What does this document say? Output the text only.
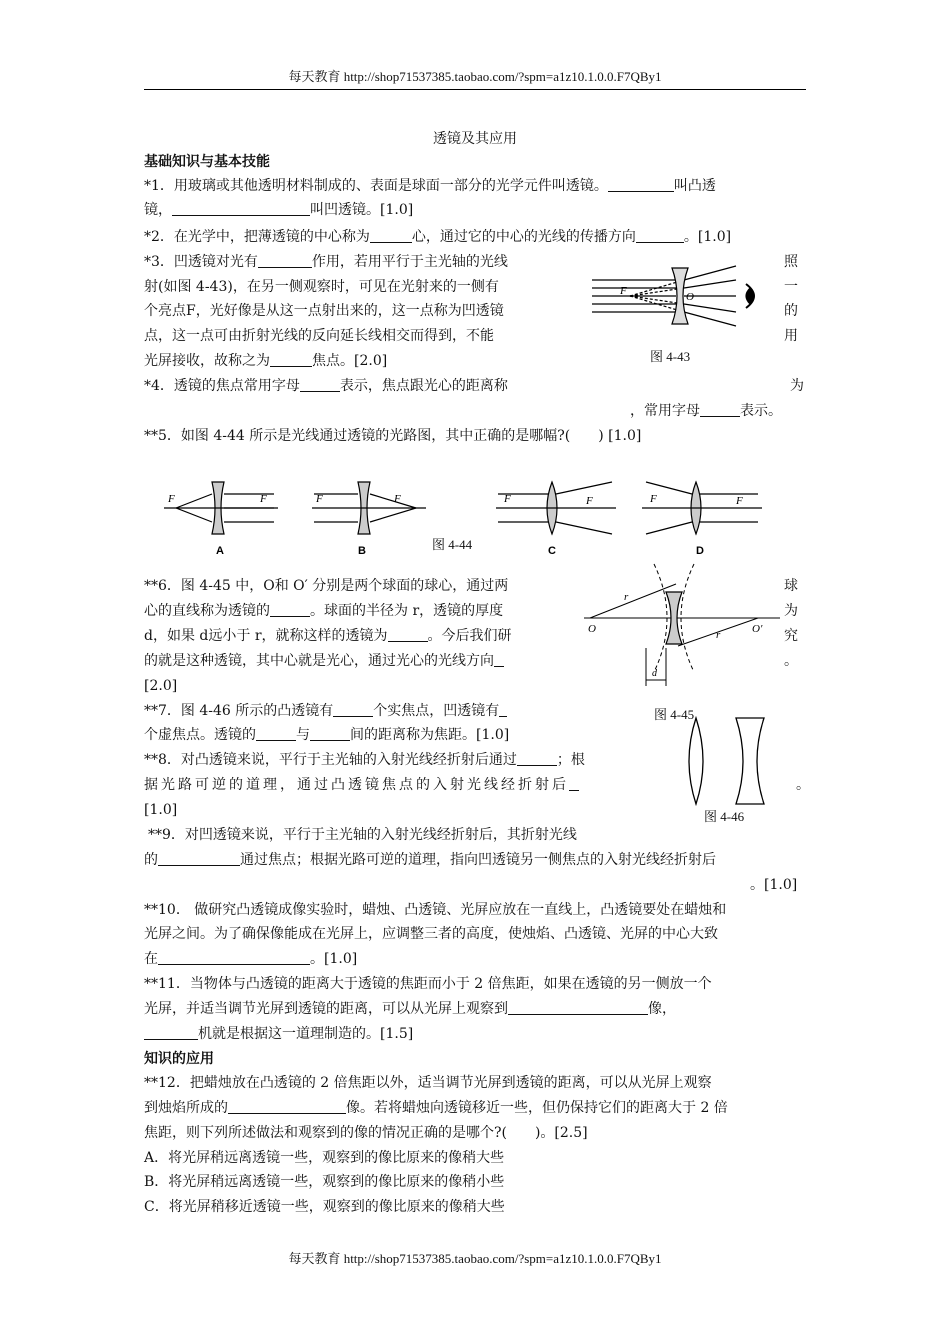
每天教育 http://shop71537385.taobao.com/?spm=a1z10.1.0.0.F7QBy1
透镜及其应用
基础知识与基本技能
*1．用玻璃或其他透明材料制成的、表面是球面一部分的光学元件叫透镜。	叫凸透
镜，	叫凹透镜。[1.0]
*2．在光学中，把薄透镜的中心称为	心，通过它的中心的光线的传播方向	。[1.0]
*3．凹透镜对光有	作用，若用平行于主光轴的光线	照
射(如图 4-43)，在另一侧观察时，可见在光射来的一侧有	一
个亮点F，光好像是从这一点射出来的，这一点称为凹透镜	的
点，这一点可由折射光线的反向延长线相交而得到，不能	用
光屏接收，故称之为	焦点。[2.0]
F	O
图 4-43
*4．透镜的焦点常用字母	表示，焦点跟光心的距离称	为
，常用字母	表示。
**5．如图 4-44 所示是光线通过透镜的光路图，其中正确的是哪幅?(　　) [1.0]
F	F
A
F	F
B
F	F
C
F	F
D
图 4-44
**6．图 4-45 中，O和 O′ 分别是两个球面的球心，通过两	球
心的直线称为透镜的	。球面的半径为 r，透镜的厚度	为
d，如果 d远小于 r，就称这样的透镜为	。今后我们研	究
的就是这种透镜，其中心就是光心，通过光心的光线方向	。
[2.0]
O	O′
r
r
d
图 4-45
**7．图 4-46 所示的凸透镜有	个实焦点，凹透镜有
个虚焦点。透镜的	与	间的距离称为焦距。[1.0]
图 4-46
**8．对凸透镜来说，平行于主光轴的入射光线经折射后通过	；根
据光路可逆的道理，通过凸透镜焦点的入射光线经折射后	。
[1.0]
**9．对凹透镜来说，平行于主光轴的入射光线经折射后，其折射光线
的	通过焦点；根据光路可逆的道理，指向凹透镜另一侧焦点的入射光线经折射后
。[1.0]
**10． 做研究凸透镜成像实验时，蜡烛、凸透镜、光屏应放在一直线上，凸透镜要处在蜡烛和
光屏之间。为了确保像能成在光屏上，应调整三者的高度，使烛焰、凸透镜、光屏的中心大致
在	。[1.0]
**11．当物体与凸透镜的距离大于透镜的焦距而小于 2 倍焦距，如果在透镜的另一侧放一个
光屏，并适当调节光屏到透镜的距离，可以从光屏上观察到	像，
机就是根据这一道理制造的。[1.5]
知识的应用
**12．把蜡烛放在凸透镜的 2 倍焦距以外，适当调节光屏到透镜的距离，可以从光屏上观察
到烛焰所成的	像。若将蜡烛向透镜移近一些，但仍保持它们的距离大于 2 倍
焦距，则下列所述做法和观察到的像的情况正确的是哪个?(　　)。[2.5]
A．将光屏稍远离透镜一些，观察到的像比原来的像稍大些
B．将光屏稍远离透镜一些，观察到的像比原来的像稍小些
C．将光屏稍移近透镜一些，观察到的像比原来的像稍大些
每天教育 http://shop71537385.taobao.com/?spm=a1z10.1.0.0.F7QBy1
